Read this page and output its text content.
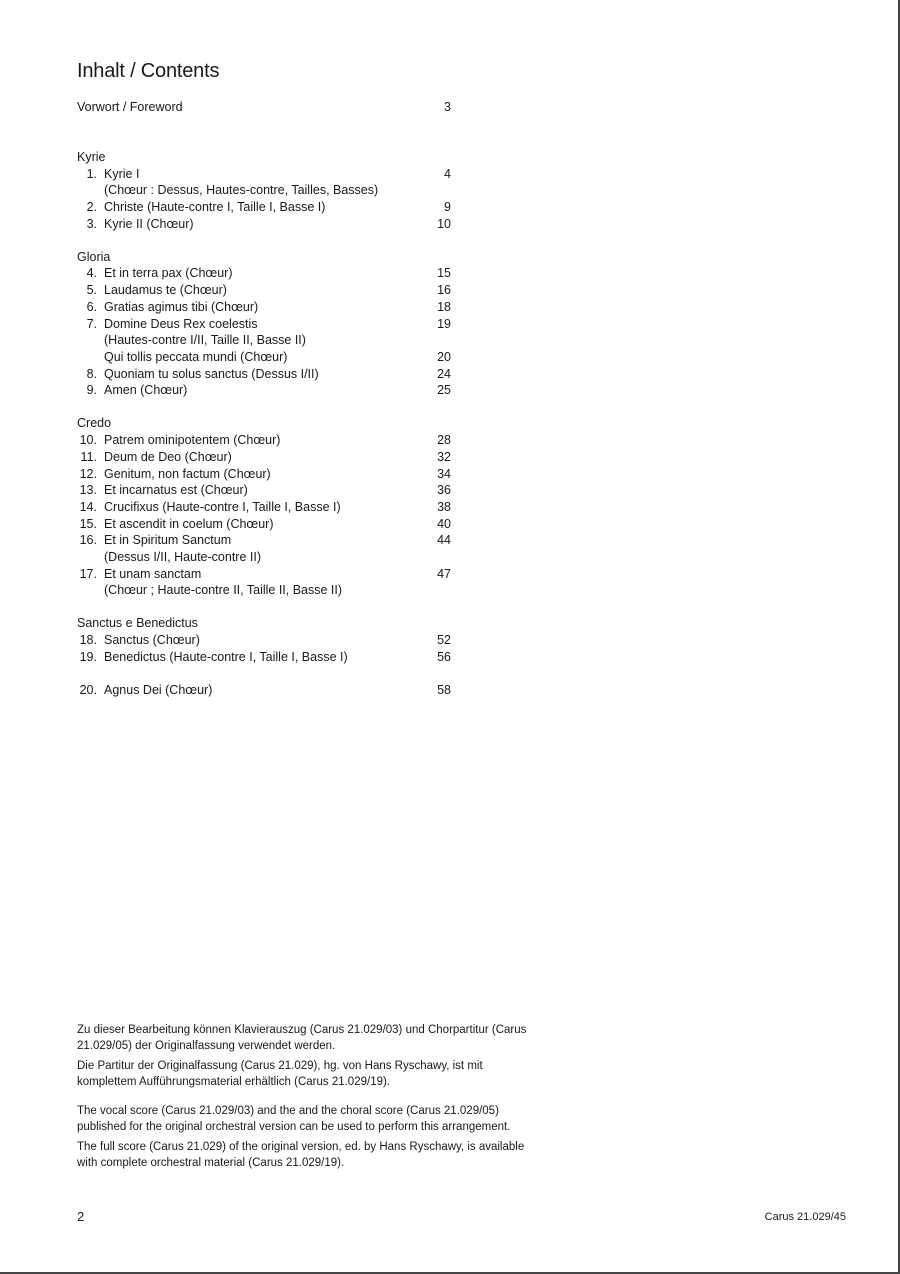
Inhalt / Contents
Vorwort / Foreword	3
Kyrie
1. Kyrie I	4
(Chœur : Dessus, Hautes-contre, Tailles, Basses)
2. Christe (Haute-contre I, Taille I, Basse I)	9
3. Kyrie II (Chœur)	10
Gloria
4. Et in terra pax (Chœur)	15
5. Laudamus te (Chœur)	16
6. Gratias agimus tibi (Chœur)	18
7. Domine Deus Rex coelestis	19
(Hautes-contre I/II, Taille II, Basse II)
Qui tollis peccata mundi (Chœur)	20
8. Quoniam tu solus sanctus (Dessus I/II)	24
9. Amen (Chœur)	25
Credo
10. Patrem ominipotentem (Chœur)	28
11. Deum de Deo (Chœur)	32
12. Genitum, non factum (Chœur)	34
13. Et incarnatus est (Chœur)	36
14. Crucifixus (Haute-contre I, Taille I, Basse I)	38
15. Et ascendit in coelum (Chœur)	40
16. Et in Spiritum Sanctum	44
(Dessus I/II, Haute-contre II)
17. Et unam sanctam	47
(Chœur ; Haute-contre II, Taille II, Basse II)
Sanctus e Benedictus
18. Sanctus (Chœur)	52
19. Benedictus (Haute-contre I, Taille I, Basse I)	56
20. Agnus Dei (Chœur)	58

Zu dieser Bearbeitung können Klavierauszug (Carus 21.029/03) und Chorpartitur (Carus 21.029/05) der Originalfassung verwendet werden.

Die Partitur der Originalfassung (Carus 21.029), hg. von Hans Ryschawy, ist mit komplettem Aufführungsmaterial erhältlich (Carus 21.029/19).

The vocal score (Carus 21.029/03) and the and the choral score (Carus 21.029/05) published for the original orchestral version can be used to perform this arrangement.

The full score (Carus 21.029) of the original version, ed. by Hans Ryschawy, is available with complete orchestral material (Carus 21.029/19).

2	Carus 21.029/45
